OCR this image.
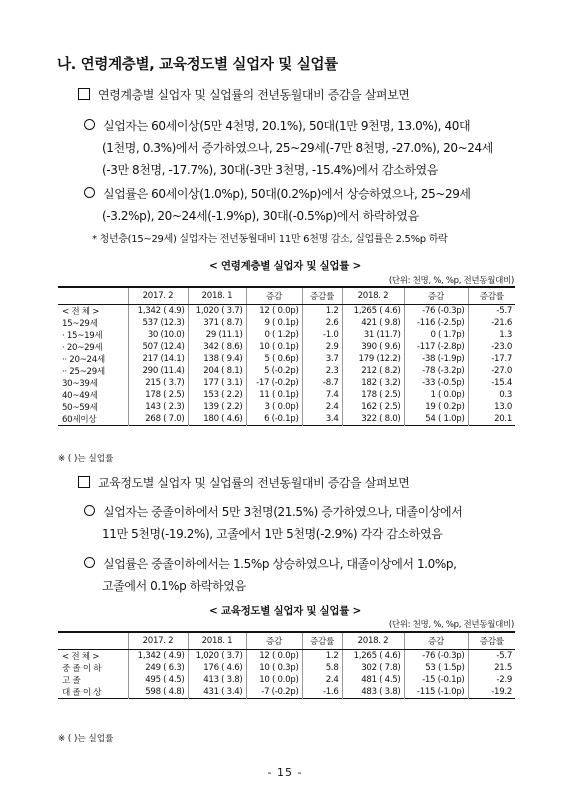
나. 연령계층별, 교육정도별 실업자 및 실업률
연령계층별 실업자 및 실업률의 전년동월대비 증감을 살펴보면
실업자는 60세이상(5만 4천명, 20.1%), 50대(1만 9천명, 13.0%), 40대
(1천명, 0.3%)에서 증가하였으나, 25~29세(-7만 8천명, -27.0%), 20~24세
(-3만 8천명, -17.7%), 30대(-3만 3천명, -15.4%)에서 감소하였음
실업률은 60세이상(1.0%p), 50대(0.2%p)에서 상승하였으나, 25~29세
(-3.2%p), 20~24세(-1.9%p), 30대(-0.5%p)에서 하락하였음
* 청년층(15~29세) 실업자는 전년동월대비 11만 6천명 감소, 실업률은 2.5%p 하락
< 연령계층별 실업자 및 실업률 >
(단위: 천명, %, %p, 전년동월대비)
	2017. 2	2018. 1	증감	증감률	2018. 2	증감	증감률
< 전 체 >	1,342 ( 4.9)	1,020 ( 3.7)	12 ( 0.0p)	1.2	1,265 ( 4.6)	-76 (-0.3p)	-5.7
15~29세	537 (12.3)	371 ( 8.7)	9 ( 0.1p)	2.6	421 ( 9.8)	-116 (-2.5p)	-21.6
· 15~19세	30 (10.0)	29 (11.1)	0 ( 1.2p)	-1.0	31 (11.7)	0 ( 1.7p)	1.3
· 20~29세	507 (12.4)	342 ( 8.6)	10 ( 0.1p)	2.9	390 ( 9.6)	-117 (-2.8p)	-23.0
·· 20~24세	217 (14.1)	138 ( 9.4)	5 ( 0.6p)	3.7	179 (12.2)	-38 (-1.9p)	-17.7
·· 25~29세	290 (11.4)	204 ( 8.1)	5 (-0.2p)	2.3	212 ( 8.2)	-78 (-3.2p)	-27.0
30~39세	215 ( 3.7)	177 ( 3.1)	-17 (-0.2p)	-8.7	182 ( 3.2)	-33 (-0.5p)	-15.4
40~49세	178 ( 2.5)	153 ( 2.2)	11 ( 0.1p)	7.4	178 ( 2.5)	1 ( 0.0p)	0.3
50~59세	143 ( 2.3)	139 ( 2.2)	3 ( 0.0p)	2.4	162 ( 2.5)	19 ( 0.2p)	13.0
60세이상	268 ( 7.0)	180 ( 4.6)	6 (-0.1p)	3.4	322 ( 8.0)	54 ( 1.0p)	20.1
※ ( )는 실업률
교육정도별 실업자 및 실업률의 전년동월대비 증감을 살펴보면
실업자는 중졸이하에서 5만 3천명(21.5%) 증가하였으나, 대졸이상에서
11만 5천명(-19.2%), 고졸에서 1만 5천명(-2.9%) 각각 감소하였음
실업률은 중졸이하에서는 1.5%p 상승하였으나, 대졸이상에서 1.0%p,
고졸에서 0.1%p 하락하였음
< 교육정도별 실업자 및 실업률 >
(단위: 천명, %, %p, 전년동월대비)
	2017. 2	2018. 1	증감	증감률	2018. 2	증감	증감률
< 전 체 >	1,342 ( 4.9)	1,020 ( 3.7)	12 ( 0.0p)	1.2	1,265 ( 4.6)	-76 (-0.3p)	-5.7
중 졸 이 하	249 ( 6.3)	176 ( 4.6)	10 ( 0.3p)	5.8	302 ( 7.8)	53 ( 1.5p)	21.5
고 졸	495 ( 4.5)	413 ( 3.8)	10 ( 0.0p)	2.4	481 ( 4.5)	-15 (-0.1p)	-2.9
대 졸 이 상	598 ( 4.8)	431 ( 3.4)	-7 (-0.2p)	-1.6	483 ( 3.8)	-115 (-1.0p)	-19.2
※ ( )는 실업률
- 15 -
